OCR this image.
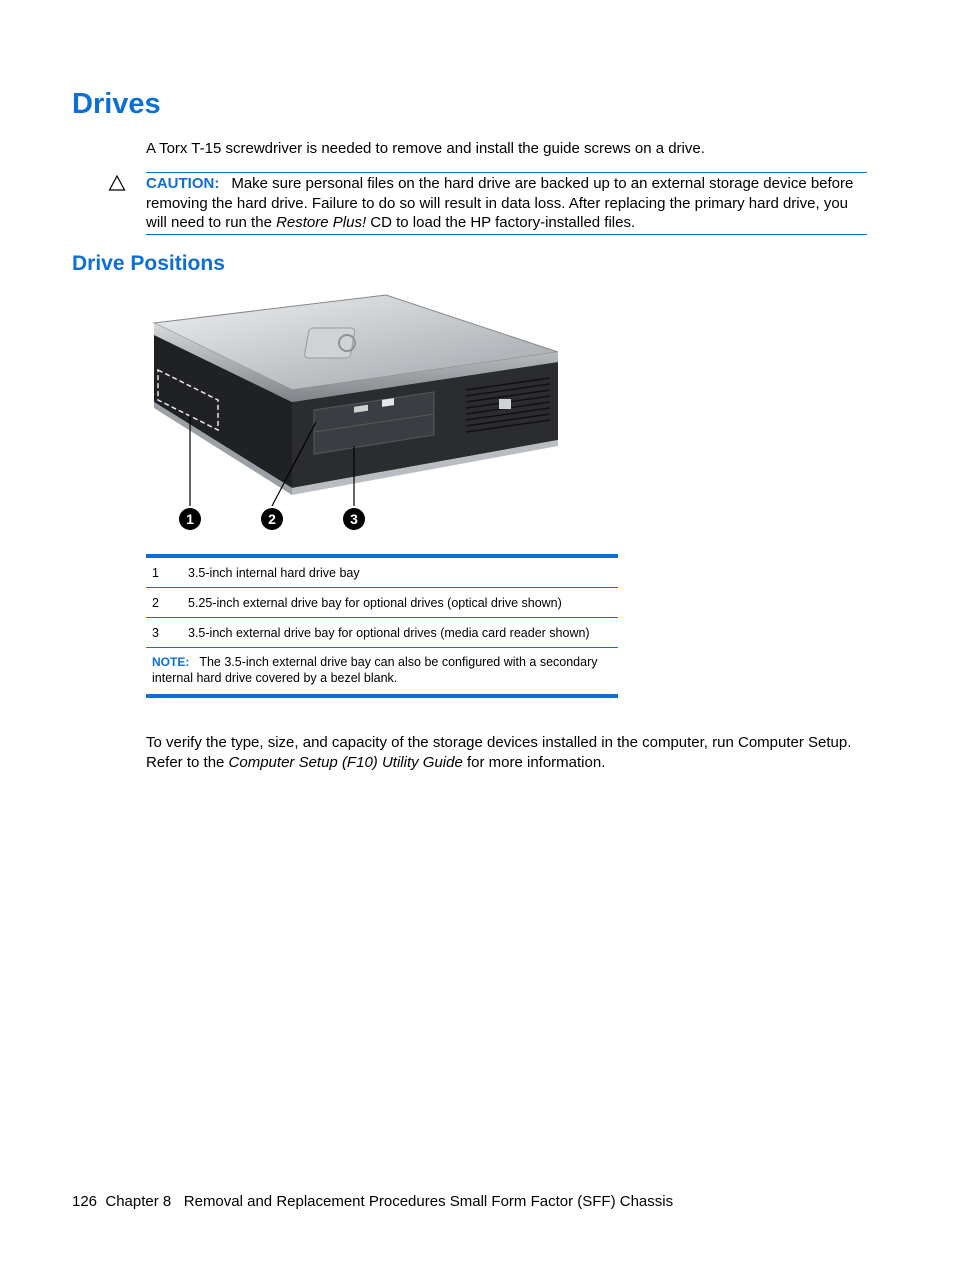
Drives

A Torx T-15 screwdriver is needed to remove and install the guide screws on a drive.

CAUTION: Make sure personal files on the hard drive are backed up to an external storage device before removing the hard drive. Failure to do so will result in data loss. After replacing the primary hard drive, you will need to run the Restore Plus! CD to load the HP factory-installed files.
Drive Positions
1	2	3
1	3.5-inch internal hard drive bay
2	5.25-inch external drive bay for optional drives (optical drive shown)
3	3.5-inch external drive bay for optional drives (media card reader shown)
NOTE: The 3.5-inch external drive bay can also be configured with a secondary internal hard drive covered by a bezel blank.	

To verify the type, size, and capacity of the storage devices installed in the computer, run Computer Setup. Refer to the Computer Setup (F10) Utility Guide for more information.

126 Chapter 8 Removal and Replacement Procedures Small Form Factor (SFF) Chassis
